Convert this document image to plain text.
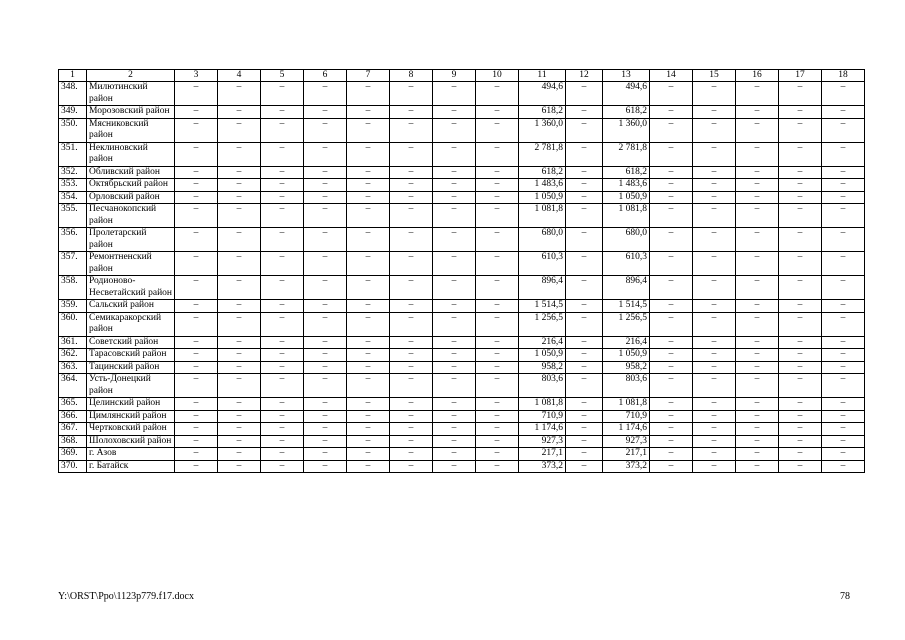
1	2	3	4	5	6	7	8	9	10	11	12	13	14	15	16	17	18
348.	Милютинский район	–	–	–	–	–	–	–	–	494,6	–	494,6	–	–	–	–	–
349.	Морозовский район	–	–	–	–	–	–	–	–	618,2	–	618,2	–	–	–	–	–
350.	Мясниковский район	–	–	–	–	–	–	–	–	1 360,0	–	1 360,0	–	–	–	–	–
351.	Неклиновский район	–	–	–	–	–	–	–	–	2 781,8	–	2 781,8	–	–	–	–	–
352.	Обливский район	–	–	–	–	–	–	–	–	618,2	–	618,2	–	–	–	–	–
353.	Октябрьский район	–	–	–	–	–	–	–	–	1 483,6	–	1 483,6	–	–	–	–	–
354.	Орловский район	–	–	–	–	–	–	–	–	1 050,9	–	1 050,9	–	–	–	–	–
355.	Песчанокопский район	–	–	–	–	–	–	–	–	1 081,8	–	1 081,8	–	–	–	–	–
356.	Пролетарский район	–	–	–	–	–	–	–	–	680,0	–	680,0	–	–	–	–	–
357.	Ремонтненский район	–	–	–	–	–	–	–	–	610,3	–	610,3	–	–	–	–	–
358.	Родионово-Несветайский район	–	–	–	–	–	–	–	–	896,4	–	896,4	–	–	–	–	–
359.	Сальский район	–	–	–	–	–	–	–	–	1 514,5	–	1 514,5	–	–	–	–	–
360.	Семикаракорский район	–	–	–	–	–	–	–	–	1 256,5	–	1 256,5	–	–	–	–	–
361.	Советский район	–	–	–	–	–	–	–	–	216,4	–	216,4	–	–	–	–	–
362.	Тарасовский район	–	–	–	–	–	–	–	–	1 050,9	–	1 050,9	–	–	–	–	–
363.	Тацинский район	–	–	–	–	–	–	–	–	958,2	–	958,2	–	–	–	–	–
364.	Усть-Донецкий район	–	–	–	–	–	–	–	–	803,6	–	803,6	–	–	–	–	–
365.	Целинский район	–	–	–	–	–	–	–	–	1 081,8	–	1 081,8	–	–	–	–	–
366.	Цимлянский район	–	–	–	–	–	–	–	–	710,9	–	710,9	–	–	–	–	–
367.	Чертковский район	–	–	–	–	–	–	–	–	1 174,6	–	1 174,6	–	–	–	–	–
368.	Шолоховский район	–	–	–	–	–	–	–	–	927,3	–	927,3	–	–	–	–	–
369.	г. Азов	–	–	–	–	–	–	–	–	217,1	–	217,1	–	–	–	–	–
370.	г. Батайск	–	–	–	–	–	–	–	–	373,2	–	373,2	–	–	–	–	–
Y:\ORST\Ppo\1123p779.f17.docx	78
